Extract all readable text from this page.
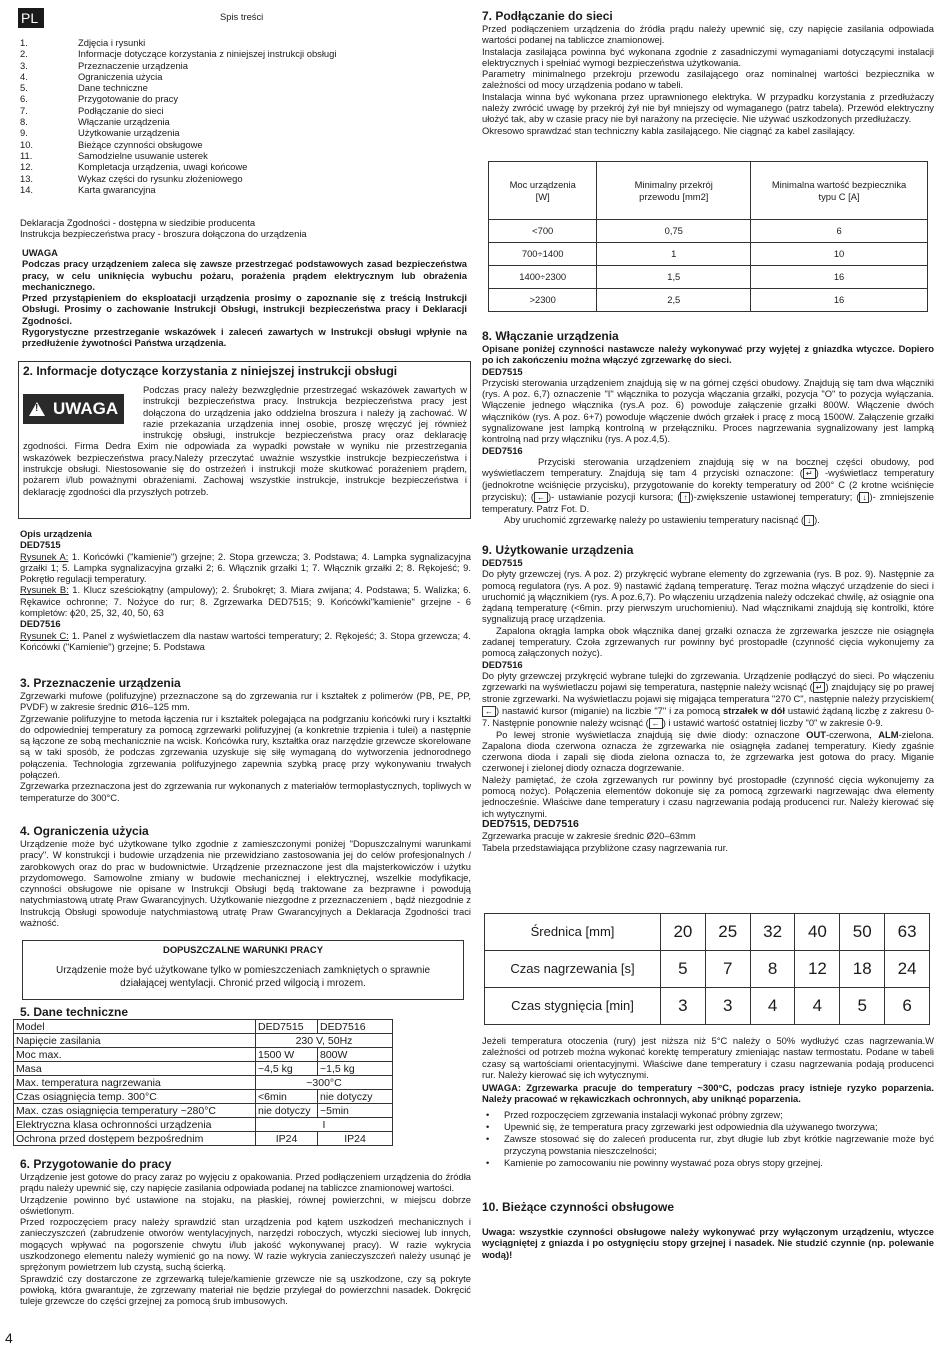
PL
4
Spis treści
1.	Zdjęcia i rysunki
2.	Informacje dotyczące korzystania z niniejszej instrukcji obsługi
3.	Przeznaczenie urządzenia
4.	Ograniczenia użycia
5.	Dane techniczne
6.	Przygotowanie do pracy
7.	Podłączanie do sieci
8.	Włączanie urządzenia
9.	Użytkowanie urządzenia
10.	Bieżące czynności obsługowe
11.	Samodzielne usuwanie usterek
12.	Kompletacja urządzenia, uwagi końcowe
13.	Wykaz części do rysunku złożeniowego
14.	Karta gwarancyjna

Deklaracja Zgodności - dostępna w siedzibie producenta

Instrukcja bezpieczeństwa pracy - broszura dołączona do urządzenia

UWAGA

Podczas pracy urządzeniem zaleca się zawsze przestrzegać podstawowych zasad bezpieczeństwa pracy, w celu uniknięcia wybuchu pożaru, porażenia prądem elektrycznym lub obrażenia mechanicznego.

Przed przystąpieniem do eksploatacji urządzenia prosimy o zapoznanie się z treścią Instrukcji Obsługi. Prosimy o zachowanie Instrukcji Obsługi, instrukcji bezpieczeństwa pracy i Deklaracji Zgodności.

Rygorystyczne przestrzeganie wskazówek i zaleceń zawartych w Instrukcji obsługi wpłynie na przedłużenie żywotności Państwa urządzenia.

2. Informacje dotyczące korzystania z niniejszej instrukcji obsługi
! UWAGA
Podczas pracy należy bezwzględnie przestrzegać wskazówek zawartych w instrukcji bezpieczeństwa pracy. Instrukcja bezpieczeństwa pracy jest dołączona do urządzenia jako oddzielna broszura i należy ją zachować. W razie przekazania urządzenia innej osobie, proszę wręczyć jej również instrukcję obsługi, instrukcje bezpieczeństwa pracy oraz deklarację zgodności. Firma Dedra Exim nie odpowiada za wypadki powstałe w wyniku nie przestrzegania wskazówek bezpieczeństwa pracy.Należy przeczytać uważnie wszystkie instrukcje bezpieczeństwa i instrukcje obsługi. Niestosowanie się do ostrzeżeń i instrukcji może skutkować porażeniem prądem, pożarem i/lub poważnymi obrażeniami. Zachowaj wszystkie instrukcje, instrukcje bezpieczeństwa i deklarację zgodności dla przyszłych potrzeb.

Opis urządzenia

DED7515

Rysunek A: 1. Końcówki ("kamienie") grzejne; 2. Stopa grzewcza; 3. Podstawa; 4. Lampka sygnalizacyjna grzałki 1; 5. Lampka sygnalizacyjna grzałki 2; 6. Włącznik grzałki 1; 7. Włącznik grzałki 2; 8. Rękojeść; 9. Pokrętło regulacji temperatury.

Rysunek B: 1. Klucz sześciokątny (ampulowy); 2. Śrubokręt; 3. Miara zwijana; 4. Podstawa; 5. Walizka; 6. Rękawice ochronne; 7. Nożyce do rur; 8. Zgrzewarka DED7515; 9. Końcówki"kamienie" grzejne - 6 kompletów: ɸ20, 25, 32, 40, 50, 63

DED7516

Rysunek C: 1. Panel z wyświetlaczem dla nastaw wartości temperatury; 2. Rękojeść; 3. Stopa grzewcza; 4. Końcówki ("Kamienie") grzejne; 5. Podstawa

3. Przeznaczenie urządzenia

Zgrzewarki mufowe (polifuzyjne) przeznaczone są do zgrzewania rur i kształtek z polimerów (PB, PE, PP, PVDF) w zakresie średnic Ø16–125 mm.

Zgrzewanie polifuzyjne to metoda łączenia rur i kształtek polegająca na podgrzaniu końcówki rury i kształtki do odpowiedniej temperatury za pomocą zgrzewarki polifuzyjnej (a konkretnie trzpienia i tulei) a następnie są łączone ze sobą mechanicznie na wcisk. Końcówka rury, kształtka oraz narzędzie grzewcze skorelowane są w taki sposób, że podczas zgrzewania uzyskuje się siłę wymaganą do wytworzenia jednorodnego połączenia. Technologia zgrzewania polifuzyjnego zapewnia szybką pracę przy wykonywaniu trwałych połączeń.

Zgrzewarka przeznaczona jest do zgrzewania rur wykonanych z materiałów termoplastycznych, topliwych w temperaturze do 300°C.

4. Ograniczenia użycia

Urządzenie może być użytkowane tylko zgodnie z zamieszczonymi poniżej "Dopuszczalnymi warunkami pracy". W konstrukcji i budowie urządzenia nie przewidziano zastosowania jej do celów profesjonalnych / zarobkowych oraz do prac w budownictwie. Urządzenie przeznaczone jest dla majsterkowiczów i użytku przydomowego. Samowolne zmiany w budowie mechanicznej i elektrycznej, wszelkie modyfikacje, czynności obsługowe nie opisane w Instrukcji Obsługi będą traktowane za bezprawne i powodują natychmiastową utratę Praw Gwarancyjnych. Użytkowanie niezgodne z przeznaczeniem , bądź niezgodnie z Instrukcją Obsługi spowoduje natychmiastową utratę Praw Gwarancyjnych a Deklaracja Zgodności traci ważność.

DOPUSZCZALNE WARUNKI PRACY

Urządzenie może być użytkowane tylko w pomieszczeniach zamkniętych o sprawnie działającej wentylacji. Chronić przed wilgocią i mrozem.

5. Dane techniczne
Model	DED7515	DED7516
Napięcie zasilania	230 V, 50Hz	
Moc max.	1500 W	800W
Masa	~4,5 kg	~1,5 kg
Max. temperatura nagrzewania	~300°C	
Czas osiągnięcia temp. 300°C	<6min	nie dotyczy
Max. czas osiągnięcia temperatury ~280°C	nie dotyczy	~5min
Elektryczna klasa ochronności urządzenia	I	
Ochrona przed dostępem bezpośrednim	IP24	IP24

6. Przygotowanie do pracy

Urządzenie jest gotowe do pracy zaraz po wyjęciu z opakowania. Przed podłączeniem urządzenia do źródła prądu należy upewnić się, czy napięcie zasilania odpowiada podanej na tabliczce znamionowej wartości.

Urządzenie powinno być ustawione na stojaku, na płaskiej, równej powierzchni, w miejscu dobrze oświetlonym.

Przed rozpoczęciem pracy należy sprawdzić stan urządzenia pod kątem uszkodzeń mechanicznych i zanieczyszczeń (zabrudzenie otworów wentylacyjnych, narzędzi roboczych, wtyczki sieciowej lub innych, mogących wpływać na pogorszenie chwytu i/lub jakość wykonywanej pracy). W razie wykrycia uszkodzonego elementu należy wymienić go na nowy. W razie wykrycia zanieczyszczeń należy usunąć je sprężonym powietrzem lub czystą, suchą ścierką.

Sprawdzić czy dostarczone ze zgrzewarką tuleje/kamienie grzewcze nie są uszkodzone, czy są pokryte powłoką, która gwarantuje, że zgrzewany materiał nie będzie przylegał do powierzchni nasadek. Dokręcić tuleje grzewcze do części grzejnej za pomocą śrub imbusowych.

7. Podłączanie do sieci

Przed podłączeniem urządzenia do źródła prądu należy upewnić się, czy napięcie zasilania odpowiada wartości podanej na tabliczce znamionowej.

Instalacja zasilająca powinna być wykonana zgodnie z zasadniczymi wymaganiami dotyczącymi instalacji elektrycznych i spełniać wymogi bezpieczeństwa użytkowania.

Parametry minimalnego przekroju przewodu zasilającego oraz nominalnej wartości bezpiecznika w zależności od mocy urządzenia podano w tabeli.

Instalacja winna być wykonana przez uprawnionego elektryka. W przypadku korzystania z przedłużaczy należy zwrócić uwagę by przekrój żył nie był mniejszy od wymaganego (patrz tabela). Przewód elektryczny ułożyć tak, aby w czasie pracy nie był narażony na przecięcie. Nie używać uszkodzonych przedłużaczy.

Okresowo sprawdzać stan techniczny kabla zasilającego. Nie ciągnąć za kabel zasilający.

Moc urządzenia [W]	Minimalny przekrój przewodu [mm2]	Minimalna wartość bezpiecznika typu C [A]
<700	0,75	6
700÷1400	1	10
1400÷2300	1,5	16
>2300	2,5	16

8. Włączanie urządzenia

Opisane poniżej czynności nastawcze należy wykonywać przy wyjętej z gniazdka wtyczce. Dopiero po ich zakończeniu można włączyć zgrzewarkę do sieci.

DED7515

Przyciski sterowania urządzeniem znajdują się w na górnej części obudowy. Znajdują się tam dwa włączniki (rys. A poz. 6,7) oznaczenie "I" włącznika to pozycja włączania grzałki, pozycja "O" to pozycja wyłączania. Włączenie jednego włącznika (rys.A poz. 6) powoduje załączenie grzałki 800W. Włączenie dwóch włączników (rys. A poz. 6+7) powoduje włączenie dwóch grzałek i pracę z mocą 1500W. Załączenie grzałki sygnalizowane jest lampką kontrolną w przełączniku. Proces nagrzewania sygnalizowany jest lampką kontrolną nad przy włączniku (rys. A poz.4,5).

DED7516

Przyciski sterowania urządzeniem znajdują się w na bocznej części obudowy, pod wyświetlaczem temperatury. Znajdują się tam 4 przyciski oznaczone: ( ↵ ) -wyświetlacz temperatury (jednokrotne wciśnięcie przycisku), przygotowanie do korekty temperatury od 200° C (2 krotne wciśnięcie przycisku); ( ← )- ustawianie pozycji kursora; ( ↑ )-zwiększenie ustawionej temperatury; ( ↓ )- zmniejszenie temperatury. Patrz Fot. D.

Aby uruchomić zgrzewarkę należy po ustawieniu temperatury nacisnąć ( ↓ ).

9. Użytkowanie urządzenia

DED7515

Do płyty grzewczej (rys. A poz. 2) przykręcić wybrane elementy do zgrzewania (rys. B poz. 9). Następnie za pomocą regulatora (rys. A poz. 9) nastawić żądaną temperaturę. Teraz można włączyć urządzenie do sieci i uruchomić ją włącznikiem (rys. A poz.6,7). Po włączeniu urządzenia należy odczekać chwilę, aż osiągnie ona żądaną temperaturę (<6min. przy pierwszym uruchomieniu). Nad włącznikami znajdują się kontrolki, które sygnalizują pracę urządzenia.

Zapalona okrągła lampka obok włącznika danej grzałki oznacza że zgrzewarka jeszcze nie osiągnęła zadanej temperatury. Czoła zgrzewanych rur powinny być prostopadłe (czynność cięcia wykonujemy za pomocą załączonych nożyc).

DED7516

Do płyty grzewczej przykręcić wybrane tulejki do zgrzewania. Urządzenie podłączyć do sieci. Po włączeniu zgrzewarki na wyświetlaczu pojawi się temperatura, następnie należy wcisnąć ( ↵ ) znajdujący się po prawej stronie zgrzewarki. Na wyświetlaczu pojawi się migająca temperatura "270 C", następnie należy przyciskiem(← ) nastawić kursor (miganie) na liczbie "7" i za pomocą strzałek w dół ustawić żądaną liczbę z zakresu 0-7. Następnie ponownie należy wcisnąć ( ← ) i ustawić wartość ostatniej liczby "0" w zakresie 0-9.

Po lewej stronie wyświetlacza znajdują się dwie diody: oznaczone OUT-czerwona, ALM-zielona. Zapalona dioda czerwona oznacza że zgrzewarka nie osiągnęła zadanej temperatury. Kiedy zgaśnie czerwona dioda i zapali się dioda zielona oznacza to, że zgrzewarka jest gotowa do pracy. Miganie czerwonej i zielonej diody oznacza dogrzewanie.

Należy pamiętać, że czoła zgrzewanych rur powinny być prostopadłe (czynność cięcia wykonujemy za pomocą nożyc). Połączenia elementów dokonuje się za pomocą zgrzewarki nagrzewając dwa elementy jednocześnie. Właściwe dane temperatury i czasu nagrzewania podają producenci rur. Należy kierować się ich wytycznymi.

DED7515, DED7516

Zgrzewarka pracuje w zakresie średnic Ø20–63mm

Tabela przedstawiająca przybliżone czasy nagrzewania rur.

Średnica [mm]	20	25	32	40	50	63
Czas nagrzewania [s]	5	7	8	12	18	24
Czas stygnięcia [min]	3	3	4	4	5	6

Jeżeli temperatura otoczenia (rury) jest niższa niż 5°C należy o 50% wydłużyć czas nagrzewania.W zależności od potrzeb można wykonać korektę temperatury zmieniając nastaw termostatu. Podane w tabeli czasy są wartościami orientacyjnymi. Właściwe dane temperatury i czasu nagrzewania podają producenci rur. Należy kierować się ich wytycznymi.

UWAGA: Zgrzewarka pracuje do temperatury ~300°C, podczas pracy istnieje ryzyko poparzenia. Należy pracować w rękawiczkach ochronnych, aby uniknąć poparzenia.

• Przed rozpoczęciem zgrzewania instalacji wykonać próbny zgrzew;
• Upewnić się, że temperatura pracy zgrzewarki jest odpowiednia dla używanego tworzywa;
• Zawsze stosować się do zaleceń producenta rur, zbyt długie lub zbyt krótkie nagrzewanie może być przyczyną powstania nieszczelności;
• Kamienie po zamocowaniu nie powinny wystawać poza obrys stopy grzejnej.

10. Bieżące czynności obsługowe

Uwaga: wszystkie czynności obsługowe należy wykonywać przy wyłączonym urządzeniu, wtyczce wyciągniętej z gniazda i po ostygnięciu stopy grzejnej i nasadek. Nie studzić czynnie (np. polewanie wodą)!
